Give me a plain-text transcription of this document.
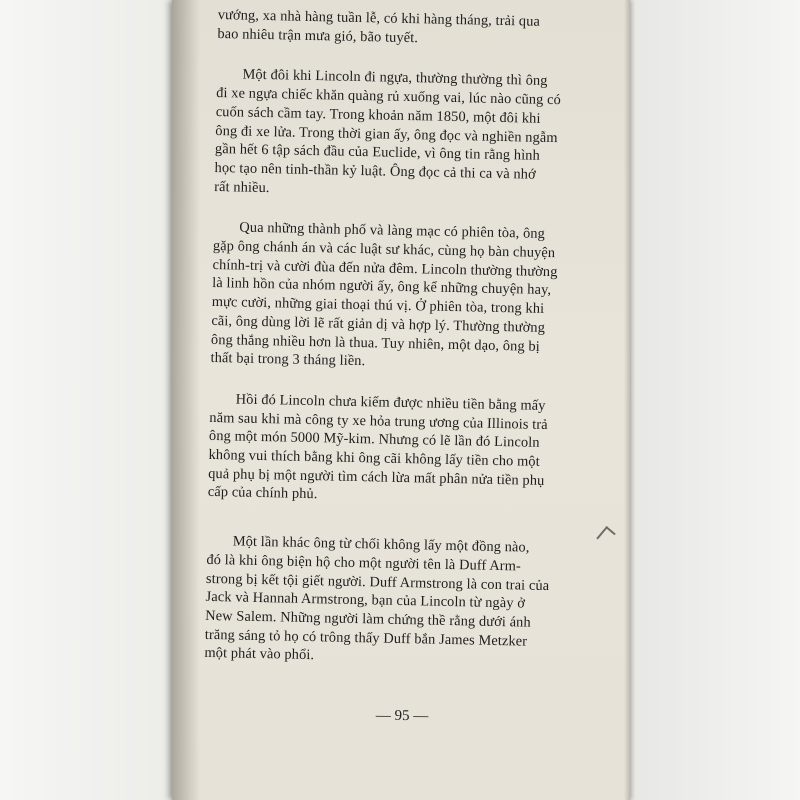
vướng, xa nhà hàng tuần lễ, có khi hàng tháng, trải qua
bao nhiêu trận mưa gió, bão tuyết.

Một đôi khi Lincoln đi ngựa, thường thường thì ông
đi xe ngựa chiếc khăn quàng rủ xuống vai, lúc nào cũng có
cuốn sách cầm tay. Trong khoản năm 1850, một đôi khi
ông đi xe lửa. Trong thời gian ấy, ông đọc và nghiền ngẫm
gần hết 6 tập sách đầu của Euclide, vì ông tin rằng hình
học tạo nên tinh-thần kỷ luật. Ông đọc cả thi ca và nhớ
rất nhiều.

Qua những thành phố và làng mạc có phiên tòa, ông
gặp ông chánh án và các luật sư khác, cùng họ bàn chuyện
chính-trị và cười đùa đến nửa đêm. Lincoln thường thường
là linh hồn của nhóm người ấy, ông kể những chuyện hay,
mực cười, những giai thoại thú vị. Ở phiên tòa, trong khi
cãi, ông dùng lời lẽ rất giản dị và hợp lý. Thường thường
ông thắng nhiều hơn là thua. Tuy nhiên, một dạo, ông bị
thất bại trong 3 tháng liền.

Hồi đó Lincoln chưa kiếm được nhiều tiền bằng mấy
năm sau khi mà công ty xe hỏa trung ương của Illinois trả
ông một món 5000 Mỹ-kim. Nhưng có lẽ lần đó Lincoln
không vui thích bằng khi ông cãi không lấy tiền cho một
quả phụ bị một người tìm cách lừa mất phân nửa tiền phụ
cấp của chính phủ.

Một lần khác ông từ chối không lấy một đồng nào,
đó là khi ông biện hộ cho một người tên là Duff Arm-
strong bị kết tội giết người. Duff Armstrong là con trai của
Jack và Hannah Armstrong, bạn của Lincoln từ ngày ở
New Salem. Những người làm chứng thề rằng dưới ánh
trăng sáng tỏ họ có trông thấy Duff bắn James Metzker
một phát vào phổi.

— 95 —
